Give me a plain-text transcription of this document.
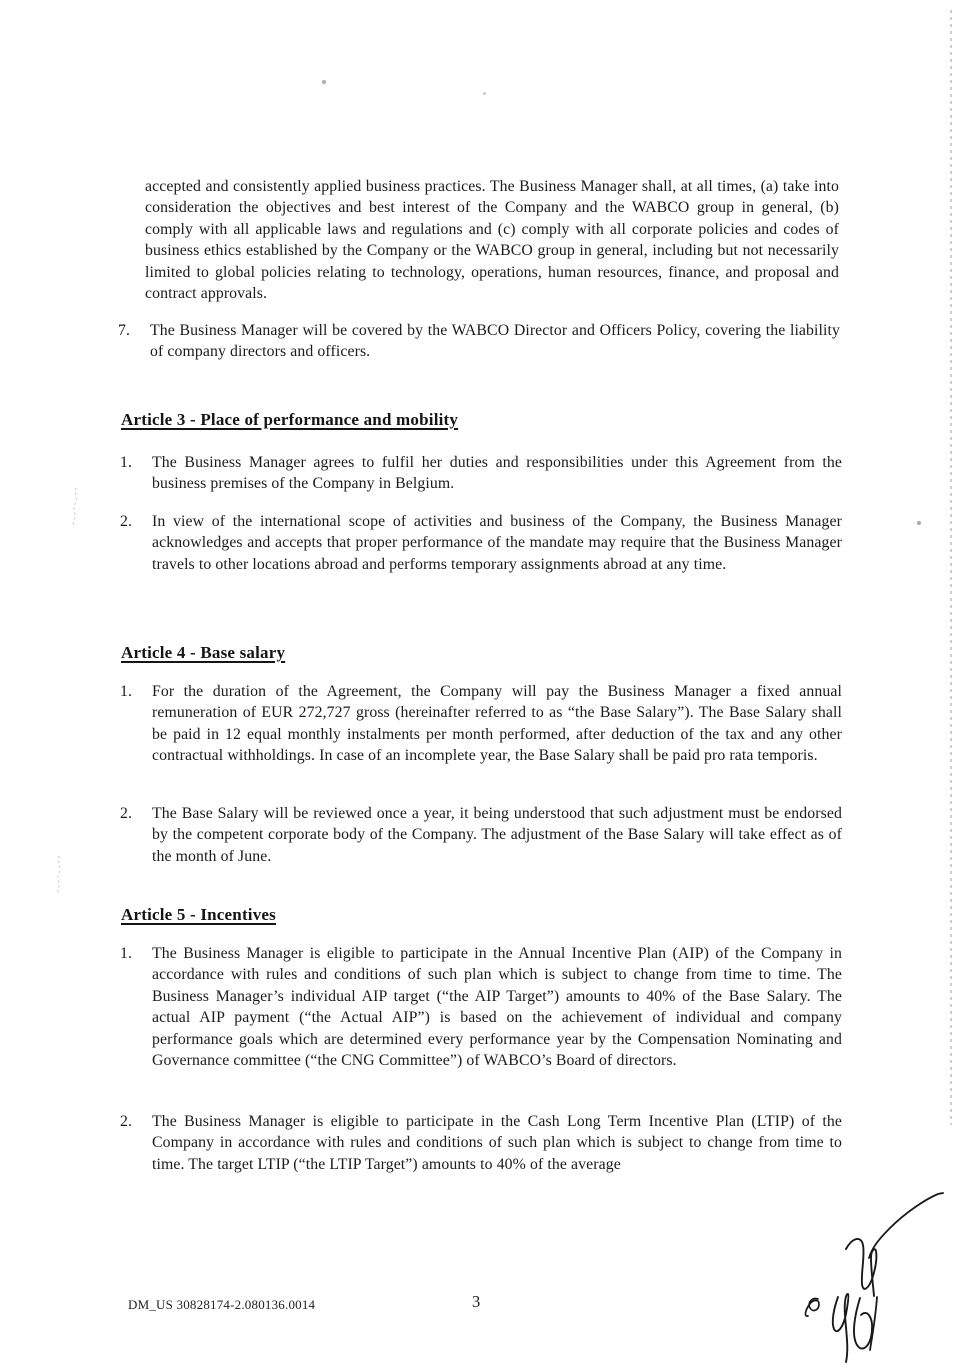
accepted and consistently applied business practices. The Business Manager shall, at all times, (a) take into consideration the objectives and best interest of the Company and the WABCO group in general, (b) comply with all applicable laws and regulations and (c) comply with all corporate policies and codes of business ethics established by the Company or the WABCO group in general, including but not necessarily limited to global policies relating to technology, operations, human resources, finance, and proposal and contract approvals.
7.	The Business Manager will be covered by the WABCO Director and Officers Policy, covering the liability of company directors and officers.
Article 3 - Place of performance and mobility
1.	The Business Manager agrees to fulfil her duties and responsibilities under this Agreement from the business premises of the Company in Belgium.
2.	In view of the international scope of activities and business of the Company, the Business Manager acknowledges and accepts that proper performance of the mandate may require that the Business Manager travels to other locations abroad and performs temporary assignments abroad at any time.
Article 4 - Base salary
1.	For the duration of the Agreement, the Company will pay the Business Manager a fixed annual remuneration of EUR 272,727 gross (hereinafter referred to as “the Base Salary”). The Base Salary shall be paid in 12 equal monthly instalments per month performed, after deduction of the tax and any other contractual withholdings. In case of an incomplete year, the Base Salary shall be paid pro rata temporis.
2.	The Base Salary will be reviewed once a year, it being understood that such adjustment must be endorsed by the competent corporate body of the Company. The adjustment of the Base Salary will take effect as of the month of June.
Article 5 - Incentives
1.	The Business Manager is eligible to participate in the Annual Incentive Plan (AIP) of the Company in accordance with rules and conditions of such plan which is subject to change from time to time. The Business Manager’s individual AIP target (“the AIP Target”) amounts to 40% of the Base Salary. The actual AIP payment (“the Actual AIP”) is based on the achievement of individual and company performance goals which are determined every performance year by the Compensation Nominating and Governance committee (“the CNG Committee”) of WABCO’s Board of directors.
2.	The Business Manager is eligible to participate in the Cash Long Term Incentive Plan (LTIP) of the Company in accordance with rules and conditions of such plan which is subject to change from time to time. The target LTIP (“the LTIP Target”) amounts to 40% of the average
DM_US 30828174-2.080136.0014	3
